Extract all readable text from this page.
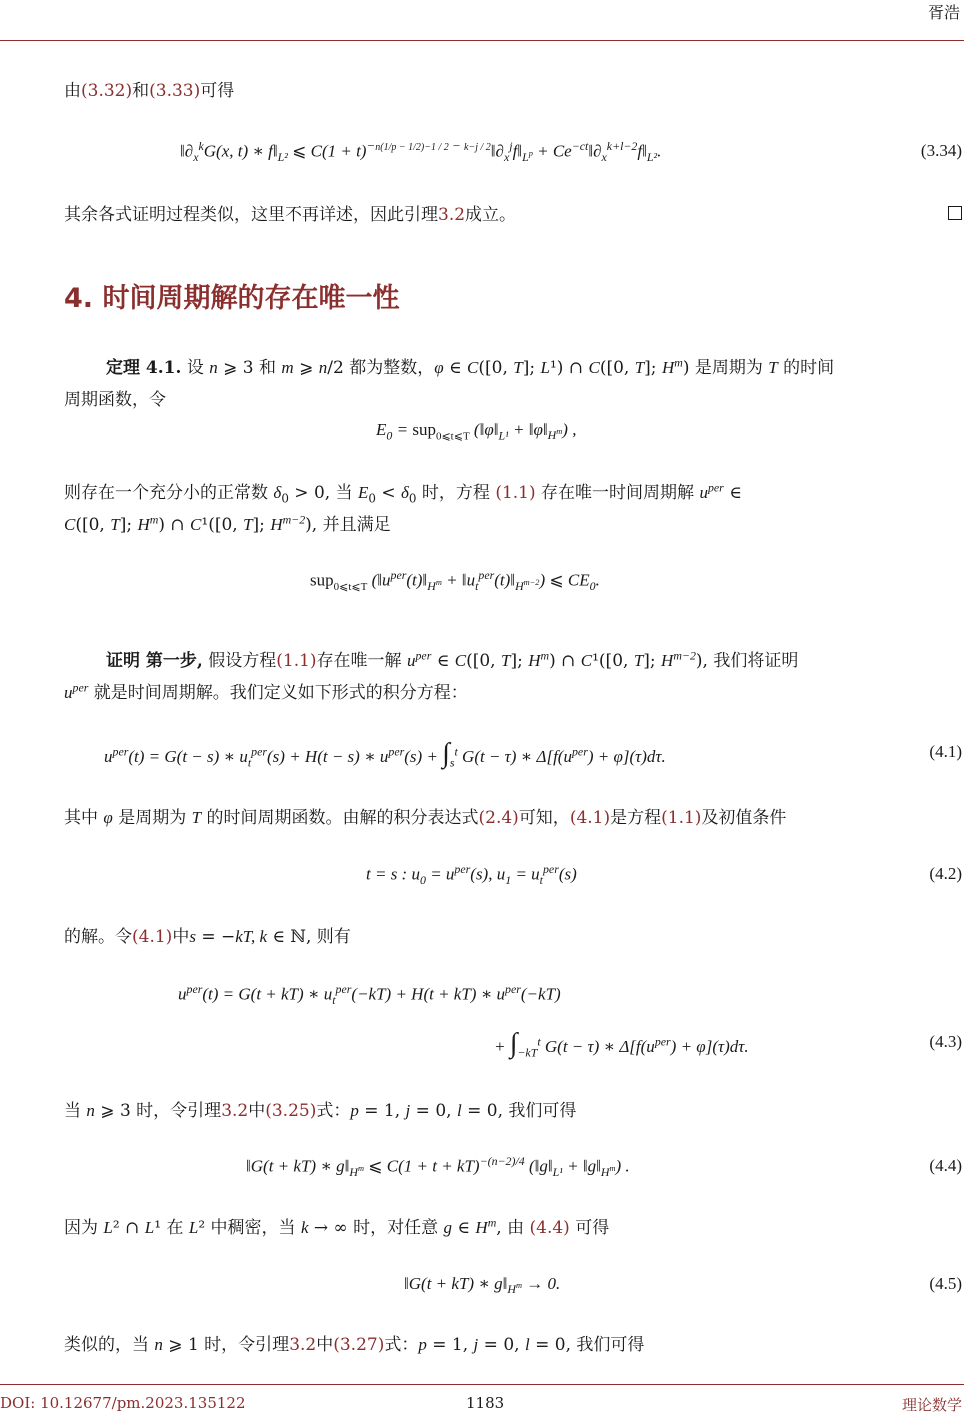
胥浩
由(3.32)和(3.33)可得
$‖\partial_x^kG(x$, t) ∗ $f‖_{L^2}$ ⩽ $C(1 + t)^{-n(1/p - 1/2)-1 / 2 - k-j / 2}‖\partial_x^jf‖_{L^p}$ + $Ce^{-ct}‖\partial_x^{k+l-2}f‖_{L^2}$.	(3.34)
其余各式证明过程类似，这里不再详述，因此引理3.2成立。
4. 时间周期解的存在唯一性
定理 4.1. 设 n ⩾ 3 和 m ⩾ n/2 都为整数，φ ∈ C([0, T]; L¹) ∩ C([0, T]; $H^m$) 是周期为 T 的时间
周期函数，令
$E_0 = sup_{0⩽t⩽T}$ ($‖\varphi‖_{L^1}$ + $‖\varphi‖_{H^m}$) ,
则存在一个充分小的正常数 $\delta_0 > 0$, 当 $E_0 < \delta_0$ 时，方程 (1.1) 存在唯一时间周期解 $u^{per}$ ∈
C([0, T]; $H^m$) ∩ C¹([0, T]; $H^{m-2}$), 并且满足
sup$_{0⩽t⩽T}$ ($‖u^{per}(t)‖_{H^m}$ + $‖u_t^{per}(t)‖_{H^{m-2}}$) ⩽ $CE_0$.
证明 第一步, 假设方程(1.1)存在唯一解 $u^{per}$ ∈ C([0, T]; $H^m$) ∩ C¹([0, T]; $H^{m-2}$), 我们将证明
$u^{per}$ 就是时间周期解。我们定义如下形式的积分方程：
$u^{per}(t) = G(t - s)$ ∗ $u_t^{per}(s) + H(t - s)$ ∗ $u^{per}(s) + \int_s^t$ G(t − τ) ∗ $\Delta[f(u^{per}) + \varphi](\tau)d\tau$.	(4.1)
其中 φ 是周期为 T 的时间周期函数。由解的积分表达式(2.4)可知，(4.1)是方程(1.1)及初值条件
t = s : $u_0 = u^{per}(s)$, $u_1 = u_t^{per}(s)$	(4.2)
的解。令(4.1)中s = −kT, k ∈ ℕ, 则有
$u^{per}(t) = G(t + kT)$ ∗ $u_t^{per}(-kT) + H(t + kT)$ ∗ $u^{per}(-kT)$
+ $\int_{-kT}^t$ G(t − τ) ∗ $\Delta[f(u^{per}) + \varphi](\tau)d\tau$.	(4.3)
当 n ⩾ 3 时，令引理3.2中(3.25)式：p = 1, j = 0, l = 0, 我们可得
‖G(t + kT) ∗ $g‖_{H^m}$ ⩽ C(1 + t + kT)$^{-(n-2)/4}$ ($‖g‖_{L^1}$ + $‖g‖_{H^m}$) .	(4.4)
因为 L² ∩ L¹ 在 L² 中稠密，当 k → ∞ 时，对任意 g ∈ $H^m$, 由 (4.4) 可得
‖G(t + kT) ∗ $g‖_{H^m} \to 0$.	(4.5)
类似的，当 n ⩾ 1 时，令引理3.2中(3.27)式：p = 1, j = 0, l = 0, 我们可得
DOI: 10.12677/pm.2023.135122	1183	理论数学
